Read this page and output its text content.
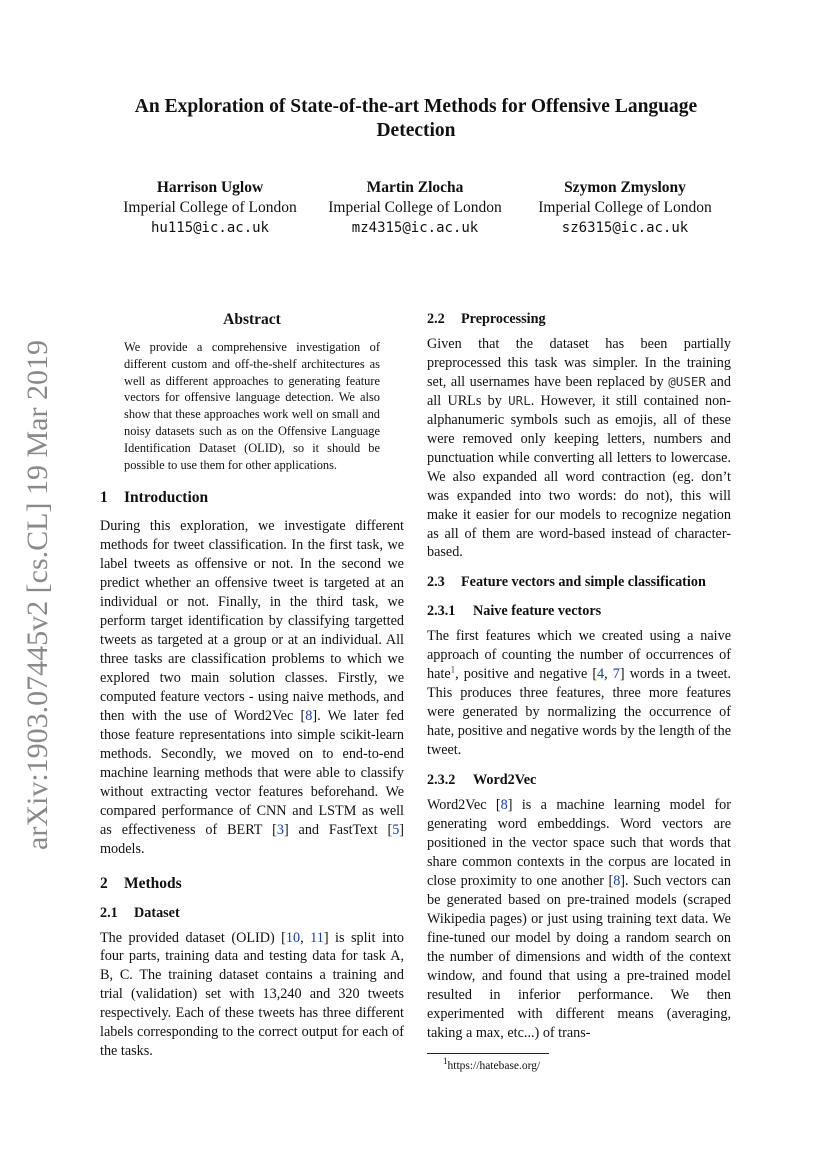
arXiv:1903.07445v2 [cs.CL] 19 Mar 2019
An Exploration of State-of-the-art Methods for Offensive Language Detection
Harrison Uglow
Imperial College of London
hu115@ic.ac.uk
Martin Zlocha
Imperial College of London
mz4315@ic.ac.uk
Szymon Zmyslony
Imperial College of London
sz6315@ic.ac.uk
Abstract

We provide a comprehensive investigation of different custom and off-the-shelf architectures as well as different approaches to generating feature vectors for offensive language detection. We also show that these approaches work well on small and noisy datasets such as on the Offensive Language Identification Dataset (OLID), so it should be possible to use them for other applications.

1 Introduction

During this exploration, we investigate different methods for tweet classification. In the first task, we label tweets as offensive or not. In the second we predict whether an offensive tweet is targeted at an individual or not. Finally, in the third task, we perform target identification by classifying targetted tweets as targeted at a group or at an individual. All three tasks are classification problems to which we explored two main solution classes. Firstly, we computed feature vectors - using naive methods, and then with the use of Word2Vec [8]. We later fed those feature representations into simple scikit-learn methods. Secondly, we moved on to end-to-end machine learning methods that were able to classify without extracting vector features beforehand. We compared performance of CNN and LSTM as well as effectiveness of BERT [3] and FastText [5] models.

2 Methods
2.1 Dataset

The provided dataset (OLID) [10, 11] is split into four parts, training data and testing data for task A, B, C. The training dataset contains a training and trial (validation) set with 13,240 and 320 tweets respectively. Each of these tweets has three different labels corresponding to the correct output for each of the tasks.

2.2 Preprocessing

Given that the dataset has been partially preprocessed this task was simpler. In the training set, all usernames have been replaced by @USER and all URLs by URL. However, it still contained non-alphanumeric symbols such as emojis, all of these were removed only keeping letters, numbers and punctuation while converting all letters to lowercase. We also expanded all word contraction (eg. don’t was expanded into two words: do not), this will make it easier for our models to recognize negation as all of them are word-based instead of character-based.

2.3 Feature vectors and simple classification
2.3.1 Naive feature vectors

The first features which we created using a naive approach of counting the number of occurrences of hate$^1$, positive and negative [4, 7] words in a tweet. This produces three features, three more features were generated by normalizing the occurrence of hate, positive and negative words by the length of the tweet.

2.3.2 Word2Vec

Word2Vec [8] is a machine learning model for generating word embeddings. Word vectors are positioned in the vector space such that words that share common contexts in the corpus are located in close proximity to one another [8]. Such vectors can be generated based on pre-trained models (scraped Wikipedia pages) or just using training text data. We fine-tuned our model by doing a random search on the number of dimensions and width of the context window, and found that using a pre-trained model resulted in inferior performance. We then experimented with different means (averaging, taking a max, etc...) of trans-

$^1$https://hatebase.org/
